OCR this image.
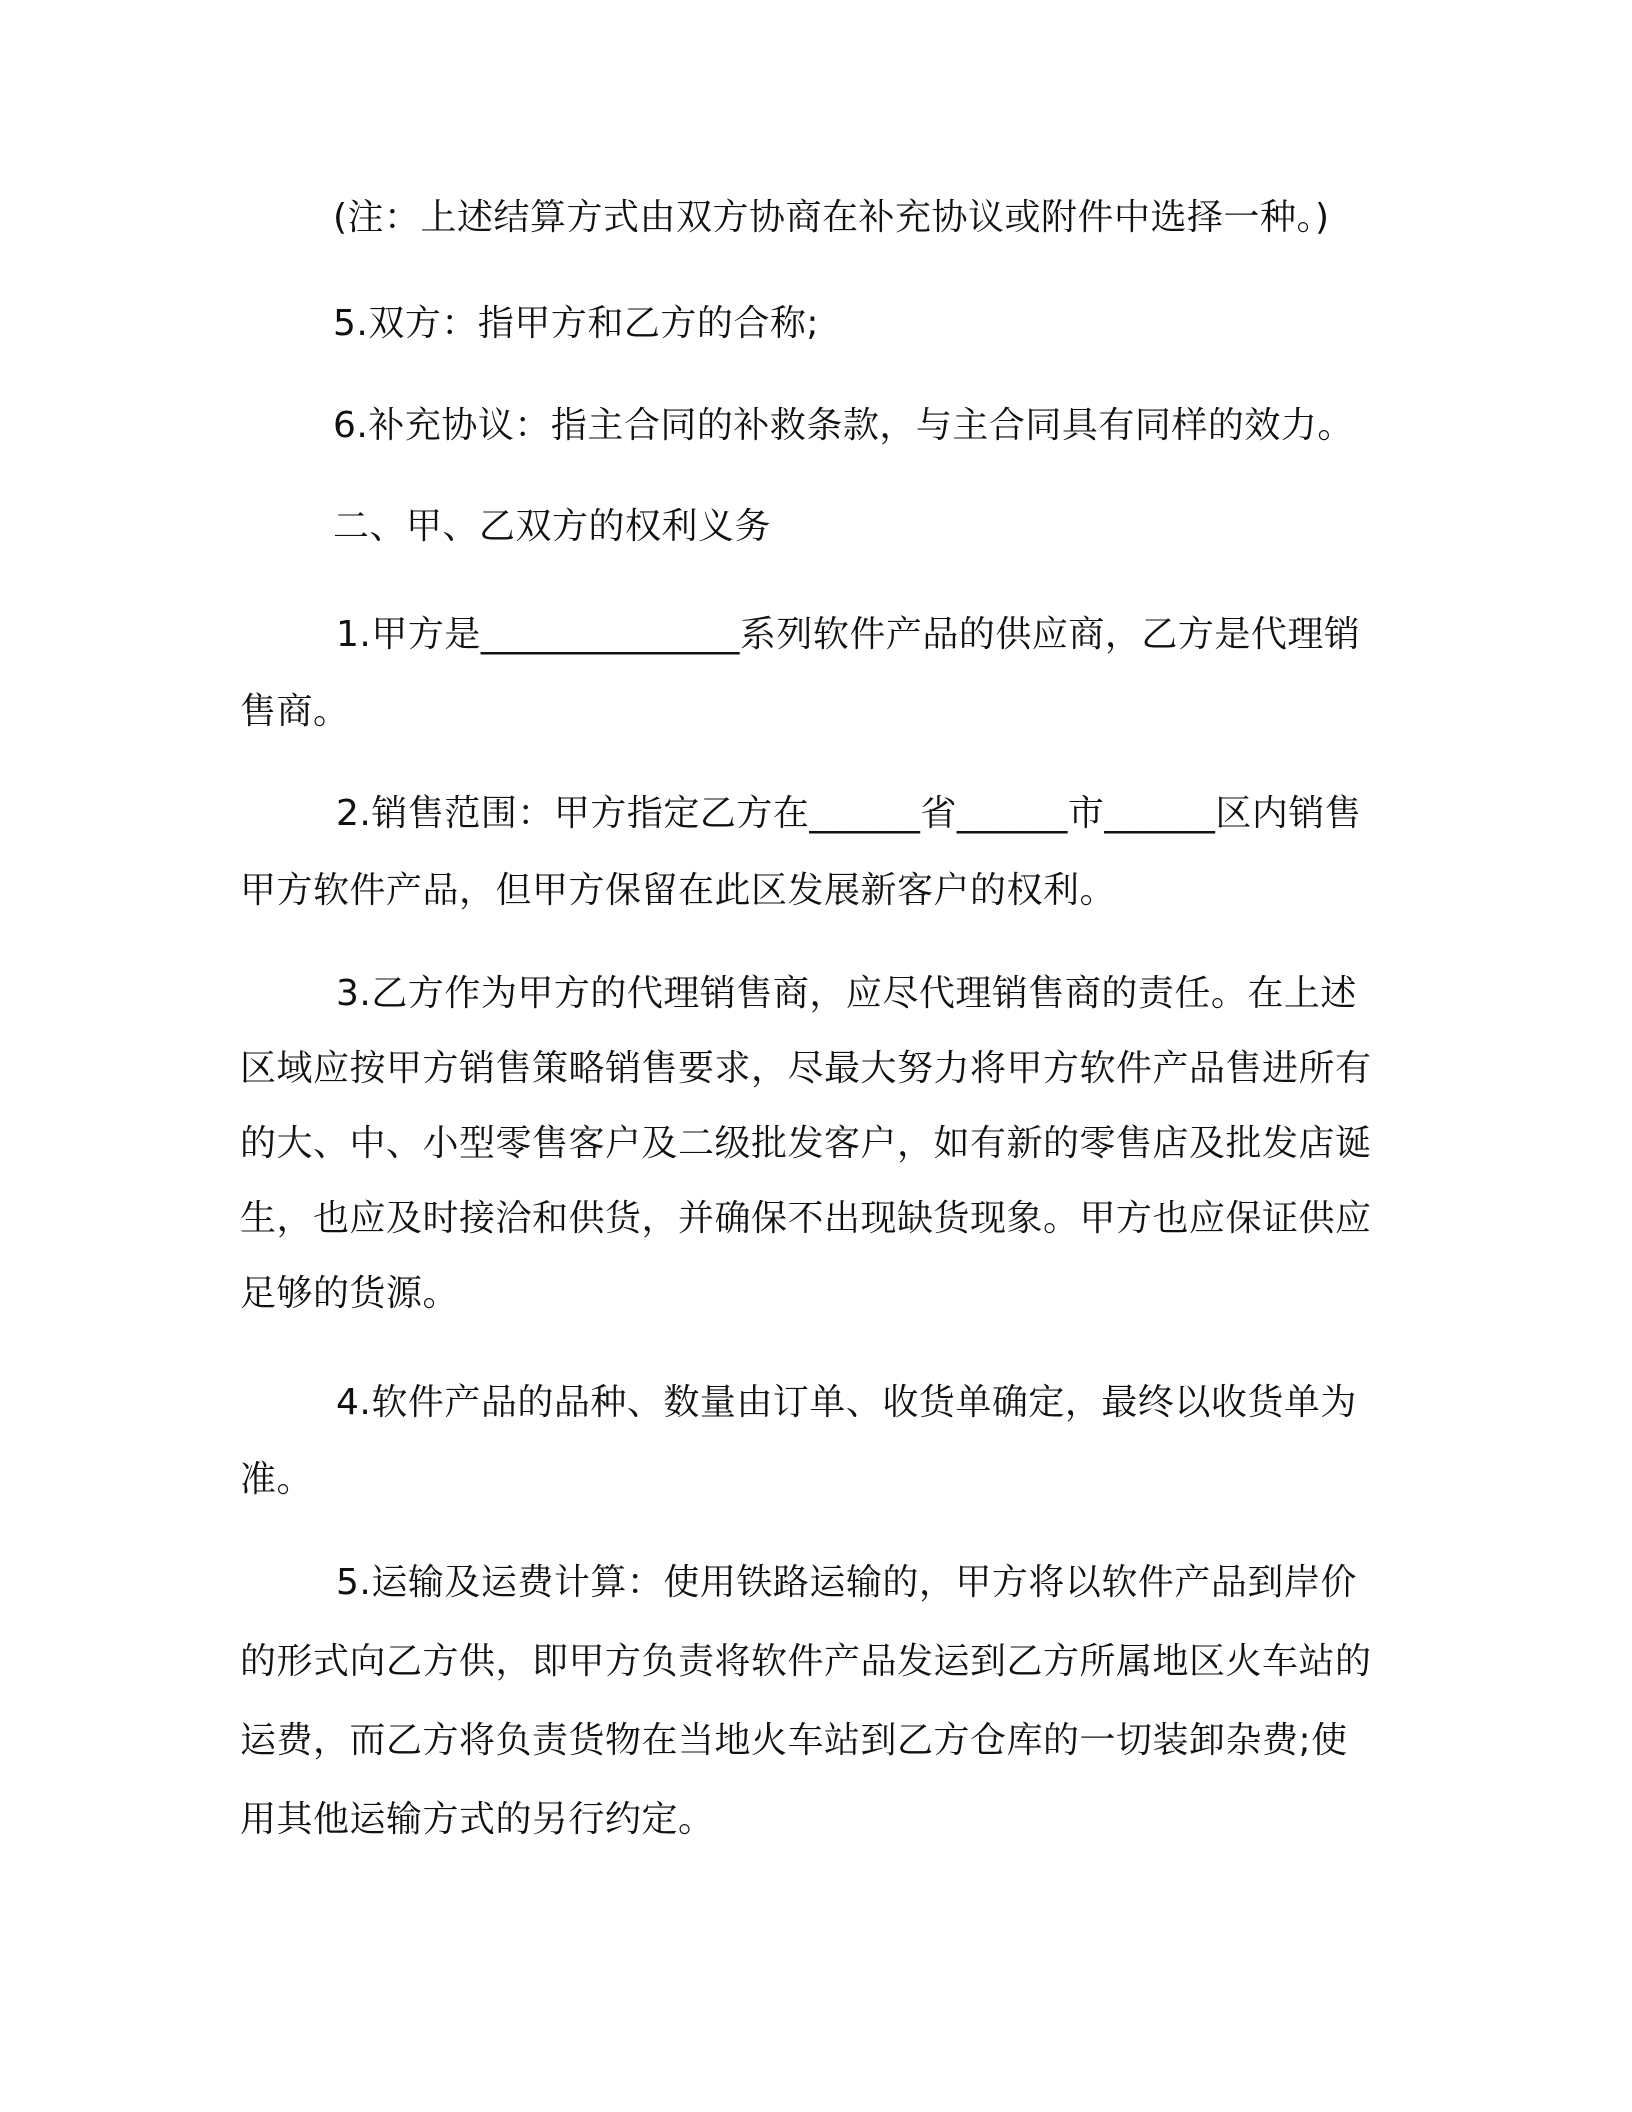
(注：上述结算方式由双方协商在补充协议或附件中选择一种。)
5.双方：指甲方和乙方的合称;
6.补充协议：指主合同的补救条款，与主合同具有同样的效力。
二、甲、乙双方的权利义务
1.甲方是______________系列软件产品的供应商，乙方是代理销售商。
2.销售范围：甲方指定乙方在______省______市______区内销售甲方软件产品，但甲方保留在此区发展新客户的权利。
3.乙方作为甲方的代理销售商，应尽代理销售商的责任。在上述区域应按甲方销售策略销售要求，尽最大努力将甲方软件产品售进所有的大、中、小型零售客户及二级批发客户，如有新的零售店及批发店诞生，也应及时接洽和供货，并确保不出现缺货现象。甲方也应保证供应足够的货源。
4.软件产品的品种、数量由订单、收货单确定，最终以收货单为准。
5.运输及运费计算：使用铁路运输的，甲方将以软件产品到岸价的形式向乙方供，即甲方负责将软件产品发运到乙方所属地区火车站的运费，而乙方将负责货物在当地火车站到乙方仓库的一切装卸杂费;使用其他运输方式的另行约定。
